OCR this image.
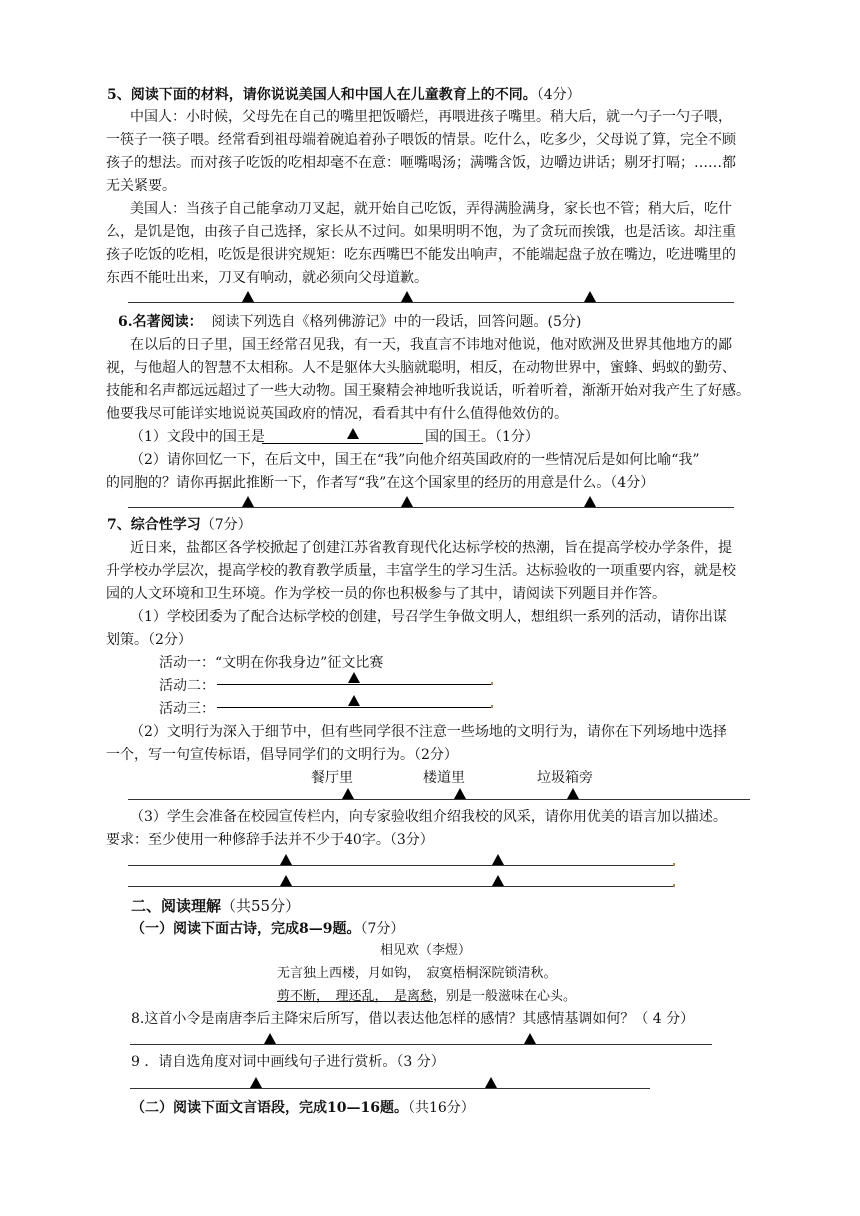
5、阅读下面的材料，请你说说美国人和中国人在儿童教育上的不同。（4分）
中国人：小时候，父母先在自己的嘴里把饭嚼烂，再喂进孩子嘴里。稍大后，就一勺子一勺子喂，
一筷子一筷子喂。经常看到祖母端着碗追着孙子喂饭的情景。吃什么，吃多少，父母说了算，完全不顾
孩子的想法。而对孩子吃饭的吃相却毫不在意：咂嘴喝汤；满嘴含饭，边嚼边讲话；剔牙打嗝；……都
无关紧要。
美国人：当孩子自己能拿动刀叉起，就开始自己吃饭，弄得满脸满身，家长也不管；稍大后，吃什
么，是饥是饱，由孩子自己选择，家长从不过问。如果明明不饱，为了贪玩而挨饿，也是活该。却注重
孩子吃饭的吃相，吃饭是很讲究规矩：吃东西嘴巴不能发出响声，不能端起盘子放在嘴边，吃进嘴里的
东西不能吐出来，刀叉有响动，就必须向父母道歉。
6.名著阅读： 阅读下列选自《格列佛游记》中的一段话，回答问题。(5分)
在以后的日子里，国王经常召见我，有一天，我直言不讳地对他说，他对欧洲及世界其他地方的鄙
视，与他超人的智慧不太相称。人不是躯体大头脑就聪明，相反，在动物世界中，蜜蜂、蚂蚁的勤劳、
技能和名声都远远超过了一些大动物。国王聚精会神地听我说话，听着听着，渐渐开始对我产生了好感。
他要我尽可能详实地说说英国政府的情况，看看其中有什么值得他效仿的。
（1）文段中的国王是	国的国王。（1分）
（2）请你回忆一下，在后文中，国王在“我”向他介绍英国政府的一些情况后是如何比喻“我”
的同胞的？请你再据此推断一下，作者写“我”在这个国家里的经历的用意是什么。（4分）
7、综合性学习（7分）
近日来，盐都区各学校掀起了创建江苏省教育现代化达标学校的热潮，旨在提高学校办学条件，提
升学校办学层次，提高学校的教育教学质量，丰富学生的学习生活。达标验收的一项重要内容，就是校
园的人文环境和卫生环境。作为学校一员的你也积极参与了其中，请阅读下列题目并作答。
（1）学校团委为了配合达标学校的创建，号召学生争做文明人，想组织一系列的活动，请你出谋
划策。（2分）
活动一：“文明在你我身边”征文比赛
活动二：
活动三：
（2）文明行为深入于细节中，但有些同学很不注意一些场地的文明行为，请你在下列场地中选择
一个，写一句宣传标语，倡导同学们的文明行为。（2分）
餐厅里	楼道里	垃圾箱旁
（3）学生会准备在校园宣传栏内，向专家验收组介绍我校的风采，请你用优美的语言加以描述。
要求：至少使用一种修辞手法并不少于40字。（3分）
二、阅读理解（共55分）
（一）阅读下面古诗，完成8—9题。（7分）
相见欢（李煜）
无言独上西楼，月如钩，　寂寞梧桐深院锁清秋。
剪不断，　理还乱，　是离愁，别是一般滋味在心头。
8.这首小令是南唐李后主降宋后所写，借以表达他怎样的感情？其感情基调如何？（ 4 分）
9 ．请自选角度对词中画线句子进行赏析。（3 分）
（二）阅读下面文言语段，完成10—16题。（共16分）
